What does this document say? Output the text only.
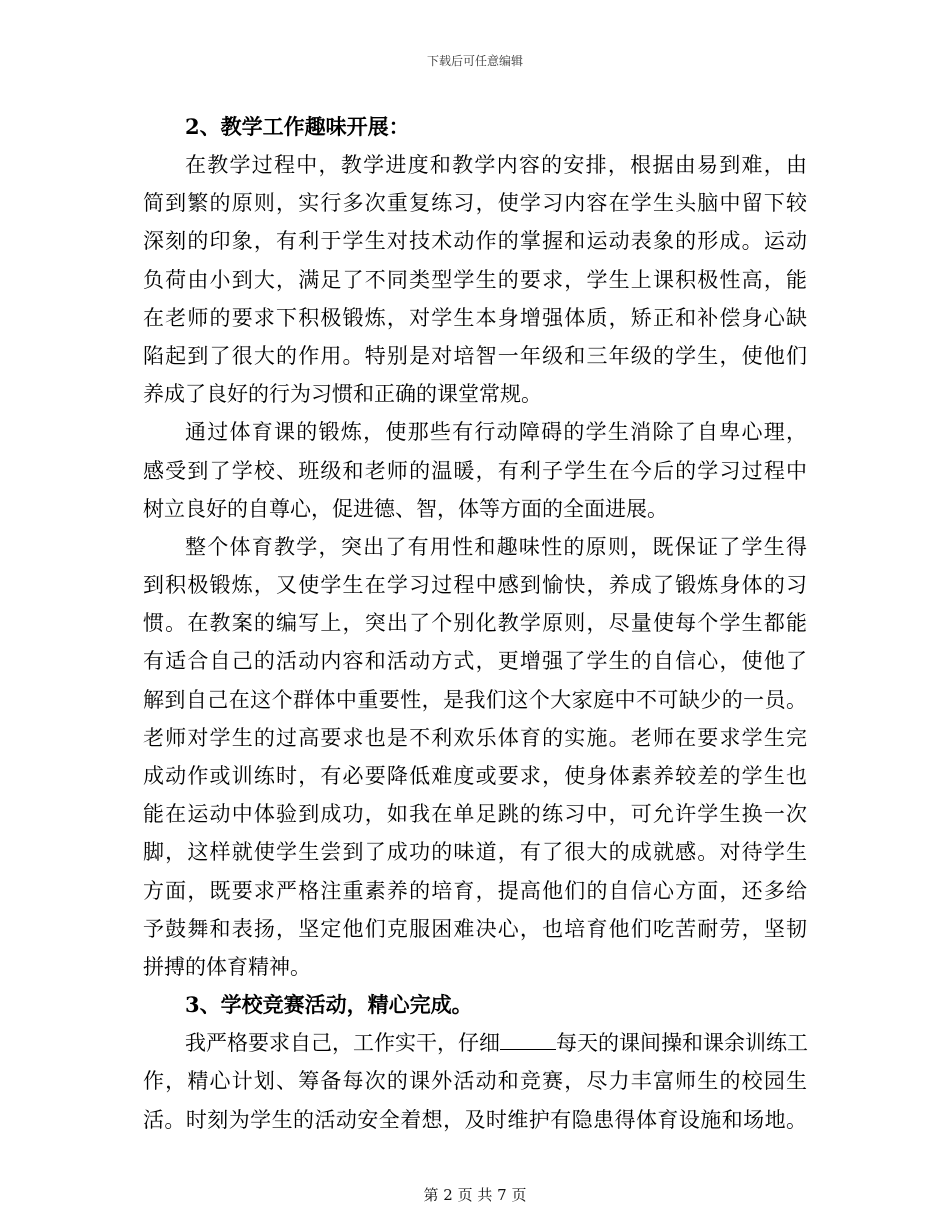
下载后可任意编辑
2、教学工作趣味开展：
在教学过程中，教学进度和教学内容的安排，根据由易到难，由
简到繁的原则，实行多次重复练习，使学习内容在学生头脑中留下较
深刻的印象，有利于学生对技术动作的掌握和运动表象的形成。运动
负荷由小到大，满足了不同类型学生的要求，学生上课积极性高，能
在老师的要求下积极锻炼，对学生本身增强体质，矫正和补偿身心缺
陷起到了很大的作用。特别是对培智一年级和三年级的学生，使他们
养成了良好的行为习惯和正确的课堂常规。
通过体育课的锻炼，使那些有行动障碍的学生消除了自卑心理，
感受到了学校、班级和老师的温暖，有利子学生在今后的学习过程中
树立良好的自尊心，促进德、智，体等方面的全面进展。
整个体育教学，突出了有用性和趣味性的原则，既保证了学生得
到积极锻炼，又使学生在学习过程中感到愉快，养成了锻炼身体的习
惯。在教案的编写上，突出了个别化教学原则，尽量使每个学生都能
有适合自己的活动内容和活动方式，更增强了学生的自信心，使他了
解到自己在这个群体中重要性，是我们这个大家庭中不可缺少的一员。
老师对学生的过高要求也是不利欢乐体育的实施。老师在要求学生完
成动作或训练时，有必要降低难度或要求，使身体素养较差的学生也
能在运动中体验到成功，如我在单足跳的练习中，可允许学生换一次
脚，这样就使学生尝到了成功的味道，有了很大的成就感。对待学生
方面，既要求严格注重素养的培育，提高他们的自信心方面，还多给
予鼓舞和表扬，坚定他们克服困难决心，也培育他们吃苦耐劳，坚韧
拼搏的体育精神。
3、学校竞赛活动，精心完成。
我严格要求自己，工作实干，仔细	每天的课间操和课余训练工
作，精心计划、筹备每次的课外活动和竞赛，尽力丰富师生的校园生
活。时刻为学生的活动安全着想，及时维护有隐患得体育设施和场地。
第 2 页 共 7 页
